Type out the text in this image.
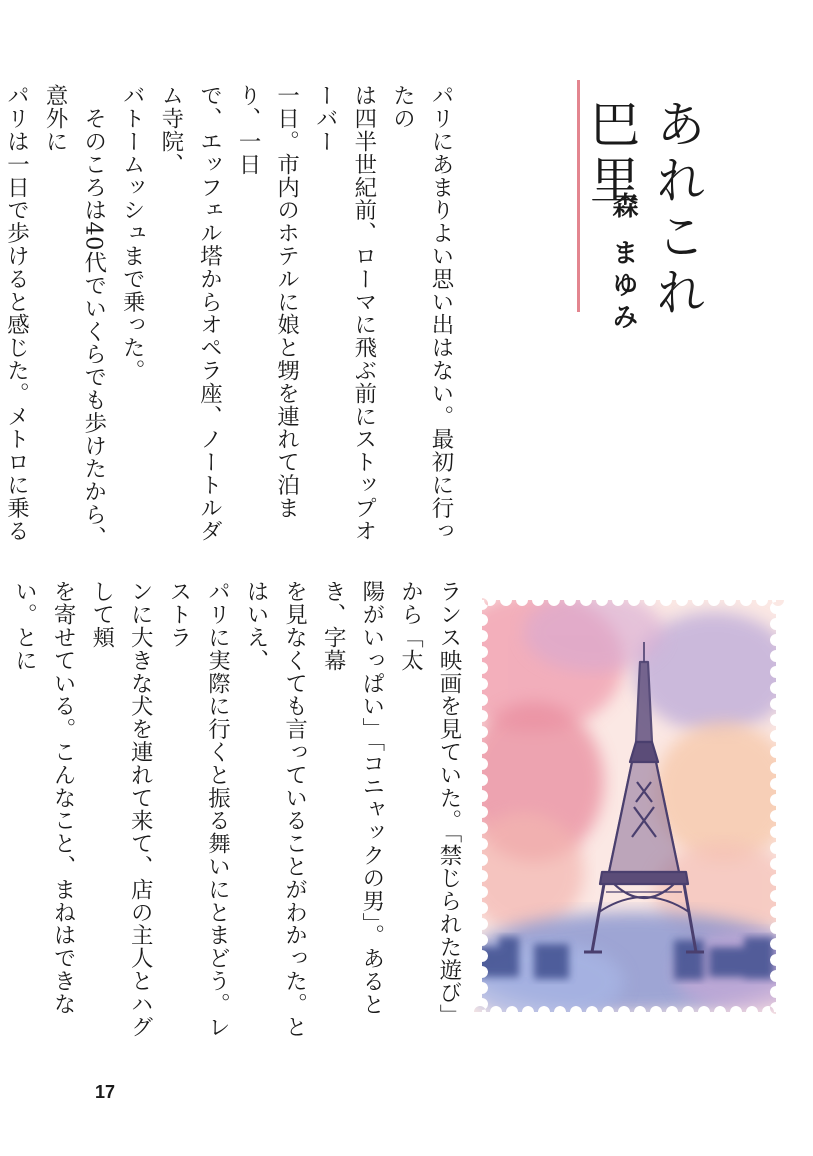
あれこれ
巴里
森 まゆみ
パリにあまりよい思い出はない。最初に行ったの
は四半世紀前、ローマに飛ぶ前にストップオーバー
一日。市内のホテルに娘と甥を連れて泊まり、一日
で、エッフェル塔からオペラ座、ノートルダム寺院、
バトームッシュまで乗った。
　そのころは40代でいくらでも歩けたから、意外に
パリは一日で歩けると感じた。メトロに乗る
ランス映画を見ていた。「禁じられた遊び」から「太
陽がいっぱい」「コニャックの男」。あるとき、字幕
を見なくても言っていることがわかった。とはいえ、
パリに実際に行くと振る舞いにとまどう。レストラ
ンに大きな犬を連れて来て、店の主人とハグして頬
を寄せている。こんなこと、まねはできない。とに
17
